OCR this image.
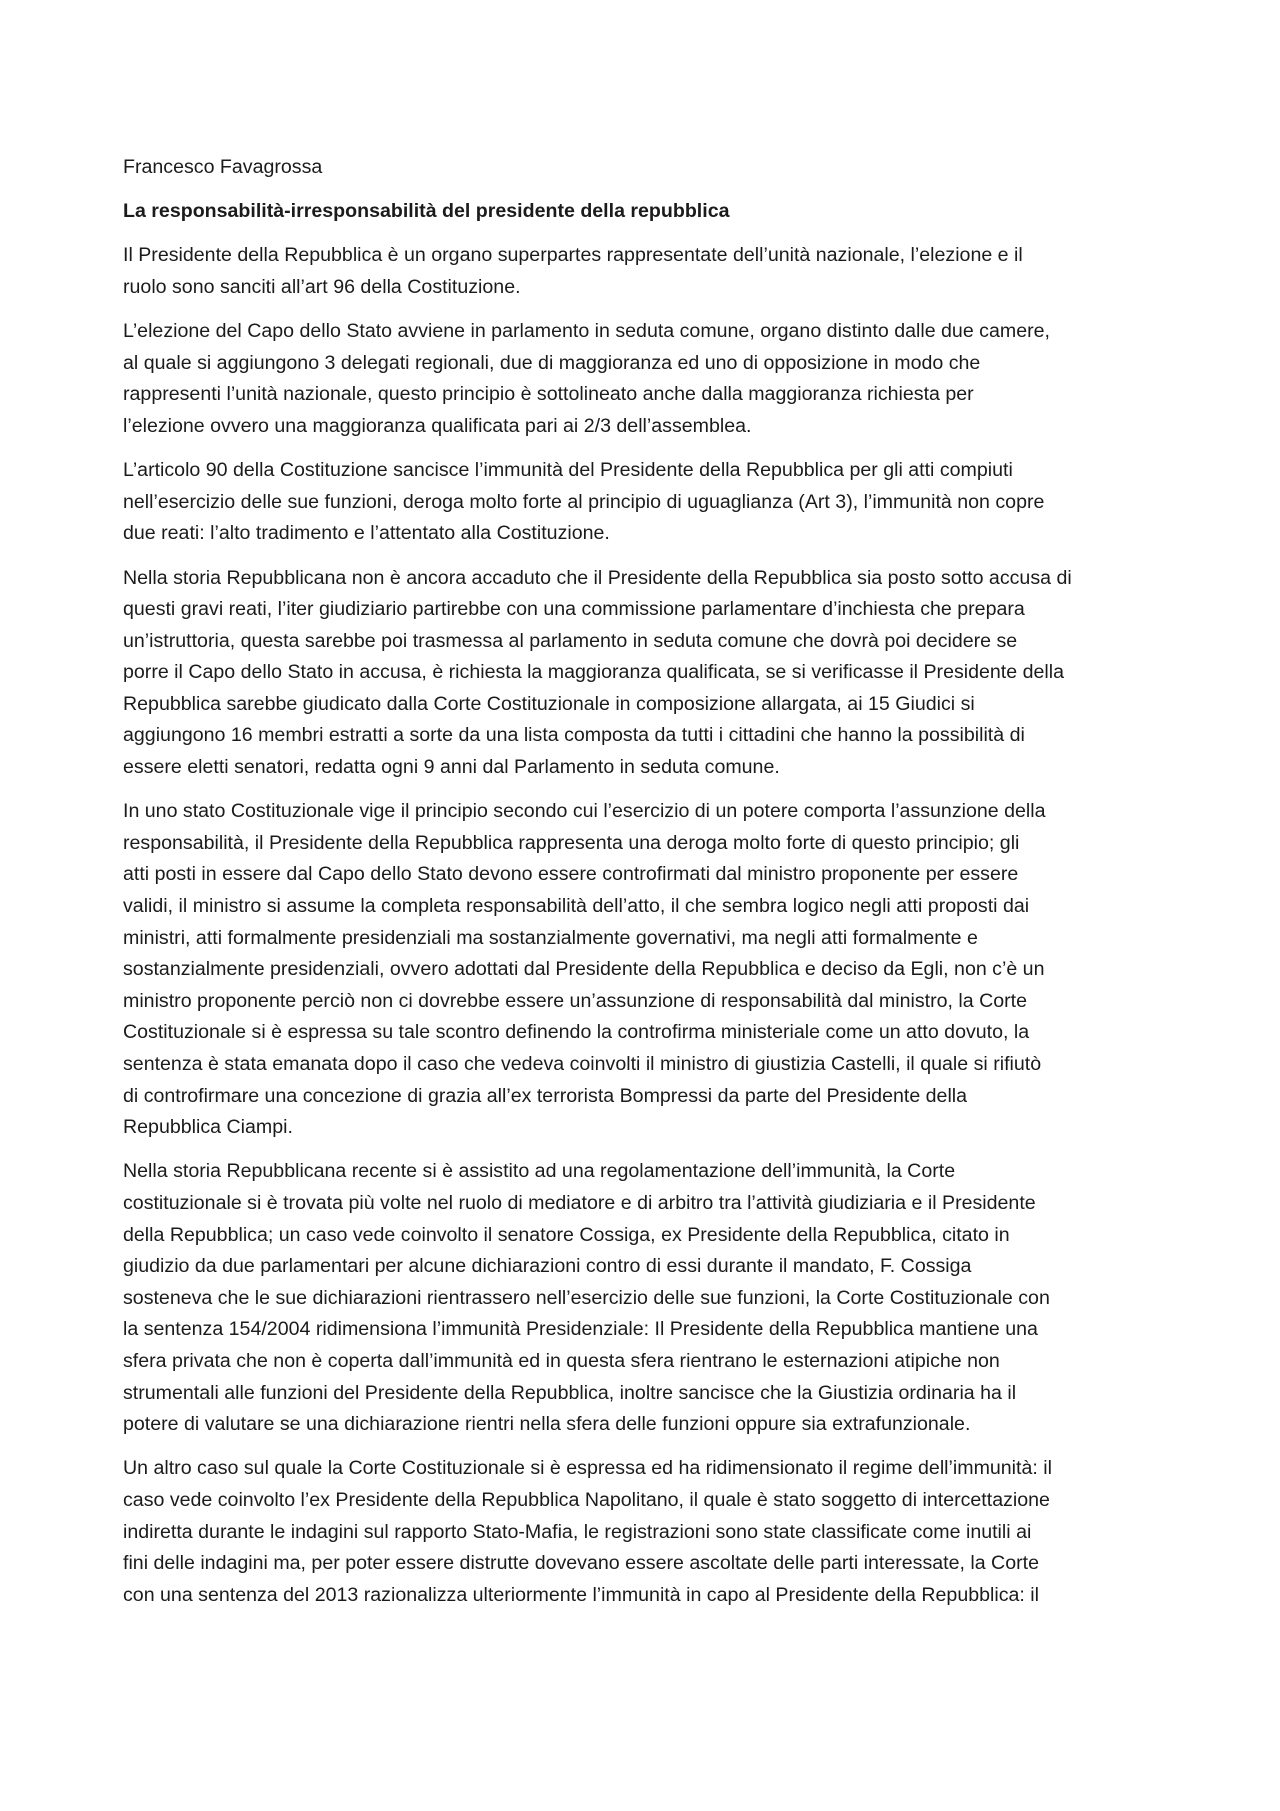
Francesco Favagrossa

La responsabilità-irresponsabilità del presidente della repubblica

Il Presidente della Repubblica è un organo superpartes rappresentate dell’unità nazionale, l’elezione e il
ruolo sono sanciti all’art 96 della Costituzione.

L’elezione del Capo dello Stato avviene in parlamento in seduta comune, organo distinto dalle due camere,
al quale si aggiungono 3 delegati regionali, due di maggioranza ed uno di opposizione in modo che
rappresenti l’unità nazionale, questo principio è sottolineato anche dalla maggioranza richiesta per
l’elezione ovvero una maggioranza qualificata pari ai 2/3 dell’assemblea.

L’articolo 90 della Costituzione sancisce l’immunità del Presidente della Repubblica per gli atti compiuti
nell’esercizio delle sue funzioni, deroga molto forte al principio di uguaglianza (Art 3), l’immunità non copre
due reati: l’alto tradimento e l’attentato alla Costituzione.

Nella storia Repubblicana non è ancora accaduto che il Presidente della Repubblica sia posto sotto accusa di
questi gravi reati, l’iter giudiziario partirebbe con una commissione parlamentare d’inchiesta che prepara
un’istruttoria, questa sarebbe poi trasmessa al parlamento in seduta comune che dovrà poi decidere se
porre il Capo dello Stato in accusa, è richiesta la maggioranza qualificata, se si verificasse il Presidente della
Repubblica sarebbe giudicato dalla Corte Costituzionale in composizione allargata, ai 15 Giudici si
aggiungono 16 membri estratti a sorte da una lista composta da tutti i cittadini che hanno la possibilità di
essere eletti senatori, redatta ogni 9 anni dal Parlamento in seduta comune.

In uno stato Costituzionale vige il principio secondo cui l’esercizio di un potere comporta l’assunzione della
responsabilità, il Presidente della Repubblica rappresenta una deroga molto forte di questo principio; gli
atti posti in essere dal Capo dello Stato devono essere controfirmati dal ministro proponente per essere
validi, il ministro si assume la completa responsabilità dell’atto, il che sembra logico negli atti proposti dai
ministri, atti formalmente presidenziali ma sostanzialmente governativi, ma negli atti formalmente e
sostanzialmente presidenziali, ovvero adottati dal Presidente della Repubblica e deciso da Egli, non c’è un
ministro proponente perciò non ci dovrebbe essere un’assunzione di responsabilità dal ministro, la Corte
Costituzionale si è espressa su tale scontro definendo la controfirma ministeriale come un atto dovuto, la
sentenza è stata emanata dopo il caso che vedeva coinvolti il ministro di giustizia Castelli, il quale si rifiutò
di controfirmare una concezione di grazia all’ex terrorista Bompressi da parte del Presidente della
Repubblica Ciampi.

Nella storia Repubblicana recente si è assistito ad una regolamentazione dell’immunità, la Corte
costituzionale si è trovata più volte nel ruolo di mediatore e di arbitro tra l’attività giudiziaria e il Presidente
della Repubblica; un caso vede coinvolto il senatore Cossiga, ex Presidente della Repubblica, citato in
giudizio da due parlamentari per alcune dichiarazioni contro di essi durante il mandato, F. Cossiga
sosteneva che le sue dichiarazioni rientrassero nell’esercizio delle sue funzioni, la Corte Costituzionale con
la sentenza 154/2004 ridimensiona l’immunità Presidenziale: Il Presidente della Repubblica mantiene una
sfera privata che non è coperta dall’immunità ed in questa sfera rientrano le esternazioni atipiche non
strumentali alle funzioni del Presidente della Repubblica, inoltre sancisce che la Giustizia ordinaria ha il
potere di valutare se una dichiarazione rientri nella sfera delle funzioni oppure sia extrafunzionale.

Un altro caso sul quale la Corte Costituzionale si è espressa ed ha ridimensionato il regime dell’immunità: il
caso vede coinvolto l’ex Presidente della Repubblica Napolitano, il quale è stato soggetto di intercettazione
indiretta durante le indagini sul rapporto Stato-Mafia, le registrazioni sono state classificate come inutili ai
fini delle indagini ma, per poter essere distrutte dovevano essere ascoltate delle parti interessate, la Corte
con una sentenza del 2013 razionalizza ulteriormente l’immunità in capo al Presidente della Repubblica: il
